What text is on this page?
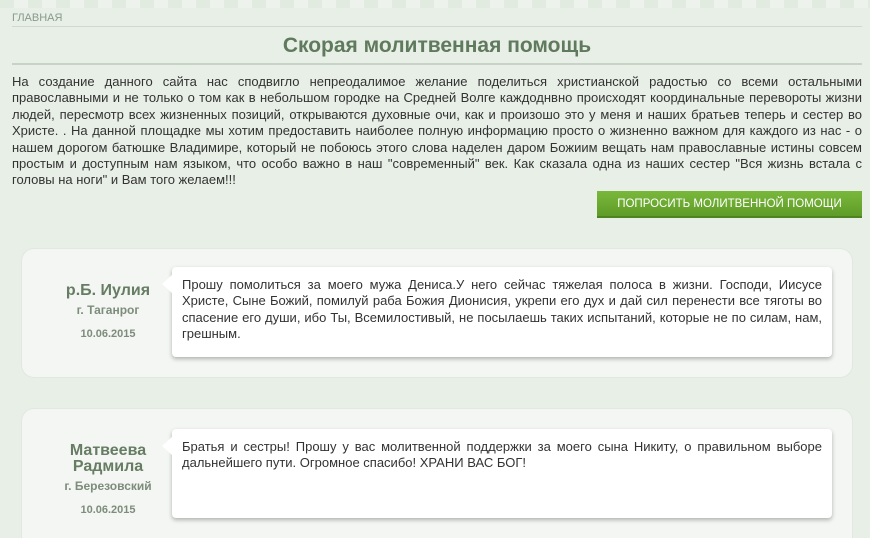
ГЛАВНАЯ
Скорая молитвенная помощь

На создание данного сайта нас сподвигло непреодалимое желание поделиться христианской радостью со всеми остальными православными и не только о том как в небольшом городке на Средней Волге каждоднвно происходят координальные перевороты жизни людей, пересмотр всех жизненных позиций, открываются духовные очи, как и произошо это у меня и наших братьев теперь и сестер во Христе. . На данной площадке мы хотим предоставить наиболее полную информацию просто о жизненно важном для каждого из нас - о нашем дорогом батюшке Владимире, который не побоюсь этого слова наделен даром Божиим вещать нам православные истины совсем простым и доступным нам языком, что особо важно в наш "современный" век. Как сказала одна из наших сестер "Вся жизнь встала с головы на ноги" и Вам того желаем!!!

ПОПРОСИТЬ МОЛИТВЕННОЙ ПОМОЩИ
р.Б. Иулия
г. Таганрог
10.06.2015
Прошу помолиться за моего мужа Дениса.У него сейчас тяжелая полоса в жизни. Господи, Иисусе Христе, Сыне Божий, помилуй раба Божия Дионисия, укрепи его дух и дай сил перенести все тяготы во спасение его души, ибо Ты, Всемилостивый, не посылаешь таких испытаний, которые не по силам, нам, грешным.
Матвеева Радмила
г. Березовский
10.06.2015
Братья и сестры! Прошу у вас молитвенной поддержки за моего сына Никиту, о правильном выборе дальнейшего пути. Огромное спасибо! ХРАНИ ВАС БОГ!
